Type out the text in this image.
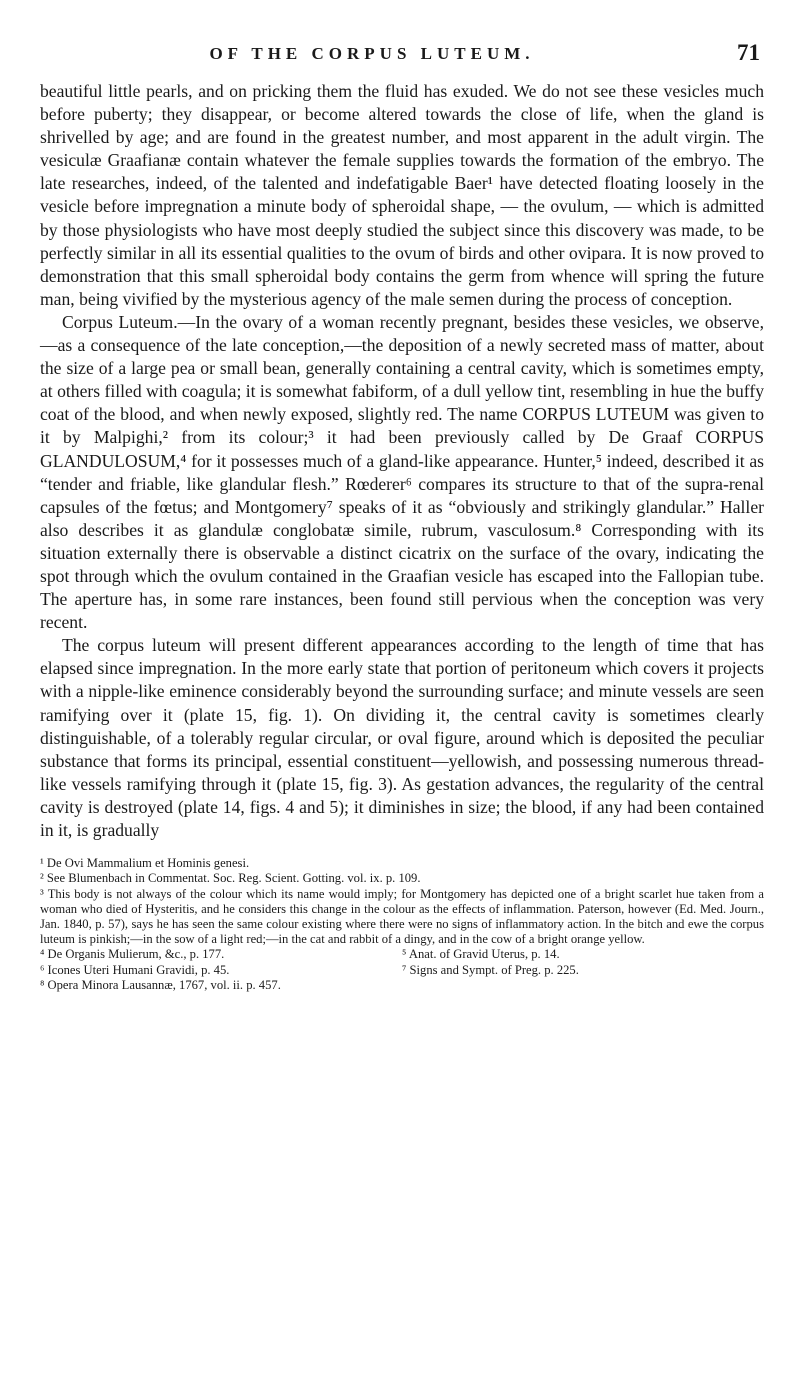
OF THE CORPUS LUTEUM.	71

beautiful little pearls, and on pricking them the fluid has exuded. We do not see these vesicles much before puberty; they disappear, or become altered towards the close of life, when the gland is shrivelled by age; and are found in the greatest number, and most apparent in the adult virgin. The vesiculæ Graafianæ contain whatever the female supplies towards the formation of the embryo. The late researches, indeed, of the talented and indefatigable Baer¹ have detected floating loosely in the vesicle before impregnation a minute body of spheroidal shape, — the ovulum, — which is admitted by those physiologists who have most deeply studied the subject since this discovery was made, to be perfectly similar in all its essential qualities to the ovum of birds and other ovipara. It is now proved to demonstration that this small spheroidal body contains the germ from whence will spring the future man, being vivified by the mysterious agency of the male semen during the process of conception.

Corpus Luteum.—In the ovary of a woman recently pregnant, besides these vesicles, we observe,—as a consequence of the late conception,—the deposition of a newly secreted mass of matter, about the size of a large pea or small bean, generally containing a central cavity, which is sometimes empty, at others filled with coagula; it is somewhat fabiform, of a dull yellow tint, resembling in hue the buffy coat of the blood, and when newly exposed, slightly red. The name CORPUS LUTEUM was given to it by Malpighi,² from its colour;³ it had been previously called by De Graaf CORPUS GLANDULOSUM,⁴ for it possesses much of a gland-like appearance. Hunter,⁵ indeed, described it as “tender and friable, like glandular flesh.” Rœderer⁶ compares its structure to that of the supra-renal capsules of the fœtus; and Montgomery⁷ speaks of it as “obviously and strikingly glandular.” Haller also describes it as glandulæ conglobatæ simile, rubrum, vasculosum.⁸ Corresponding with its situation externally there is observable a distinct cicatrix on the surface of the ovary, indicating the spot through which the ovulum contained in the Graafian vesicle has escaped into the Fallopian tube. The aperture has, in some rare instances, been found still pervious when the conception was very recent.

The corpus luteum will present different appearances according to the length of time that has elapsed since impregnation. In the more early state that portion of peritoneum which covers it projects with a nipple-like eminence considerably beyond the surrounding surface; and minute vessels are seen ramifying over it (plate 15, fig. 1). On dividing it, the central cavity is sometimes clearly distinguishable, of a tolerably regular circular, or oval figure, around which is deposited the peculiar substance that forms its principal, essential constituent—yellowish, and possessing numerous thread-like vessels ramifying through it (plate 15, fig. 3). As gestation advances, the regularity of the central cavity is destroyed (plate 14, figs. 4 and 5); it diminishes in size; the blood, if any had been contained in it, is gradually

¹ De Ovi Mammalium et Hominis genesi.

² See Blumenbach in Commentat. Soc. Reg. Scient. Gotting. vol. ix. p. 109.

³ This body is not always of the colour which its name would imply; for Montgomery has depicted one of a bright scarlet hue taken from a woman who died of Hysteritis, and he considers this change in the colour as the effects of inflammation. Paterson, however (Ed. Med. Journ., Jan. 1840, p. 57), says he has seen the same colour existing where there were no signs of inflammatory action. In the bitch and ewe the corpus luteum is pinkish;—in the sow of a light red;—in the cat and rabbit of a dingy, and in the cow of a bright orange yellow.

⁴ De Organis Mulierum, &c., p. 177.	⁵ Anat. of Gravid Uterus, p. 14.
⁶ Icones Uteri Humani Gravidi, p. 45.	⁷ Signs and Sympt. of Preg. p. 225.

⁸ Opera Minora Lausannæ, 1767, vol. ii. p. 457.
